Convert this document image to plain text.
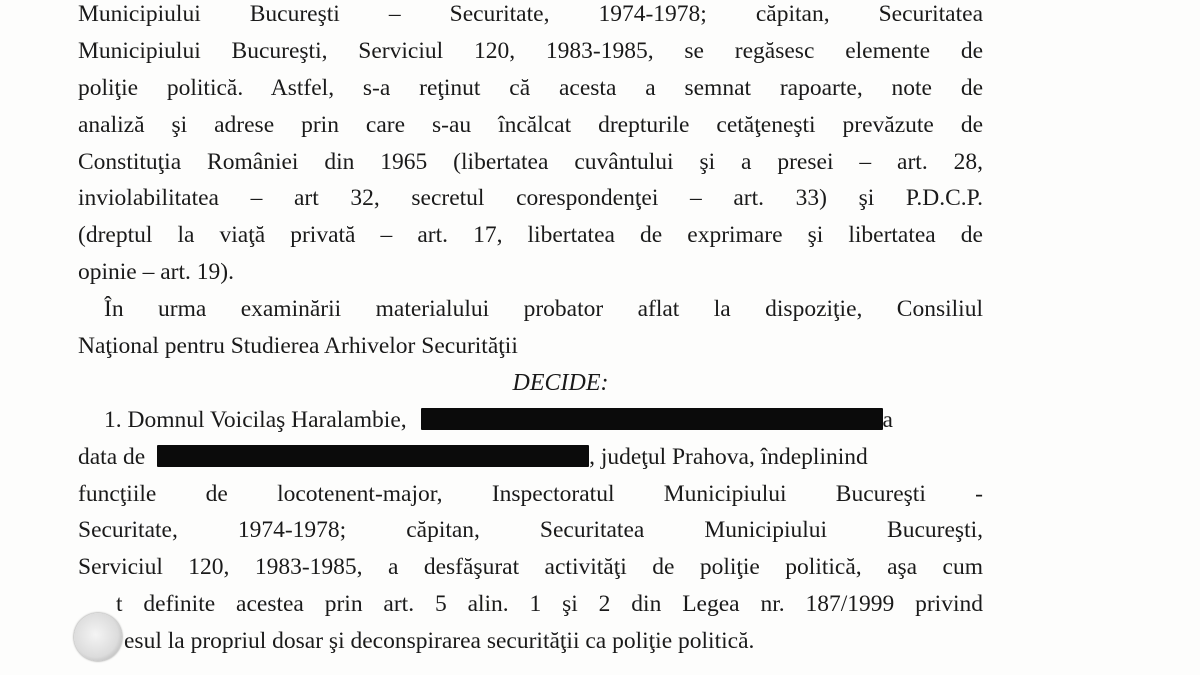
Municipiului Bucureşti – Securitate, 1974-1978; căpitan, Securitatea
Municipiului Bucureşti, Serviciul 120, 1983-1985, se regăsesc elemente de
poliţie politică. Astfel, s-a reţinut că acesta a semnat rapoarte, note de
analiză şi adrese prin care s-au încălcat drepturile cetăţeneşti prevăzute de
Constituţia României din 1965 (libertatea cuvântului şi a presei – art. 28,
inviolabilitatea – art 32, secretul corespondenţei – art. 33) şi P.D.C.P.
(dreptul la viaţă privată – art. 17, libertatea de exprimare şi libertatea de
opinie – art. 19).
În urma examinării materialului probator aflat la dispoziţie, Consiliul
Naţional pentru Studierea Arhivelor Securităţii
DECIDE:
1. Domnul Voicilaş Haralambie,	a
data de	, judeţul Prahova, îndeplinind
funcţiile de locotenent-major, Inspectoratul Municipiului Bucureşti -
Securitate, 1974-1978; căpitan, Securitatea Municipiului Bucureşti,
Serviciul 120, 1983-1985, a desfăşurat activităţi de poliţie politică, aşa cum
t definite acestea prin art. 5 alin. 1 şi 2 din Legea nr. 187/1999 privind
esul la propriul dosar şi deconspirarea securităţii ca poliţie politică.
